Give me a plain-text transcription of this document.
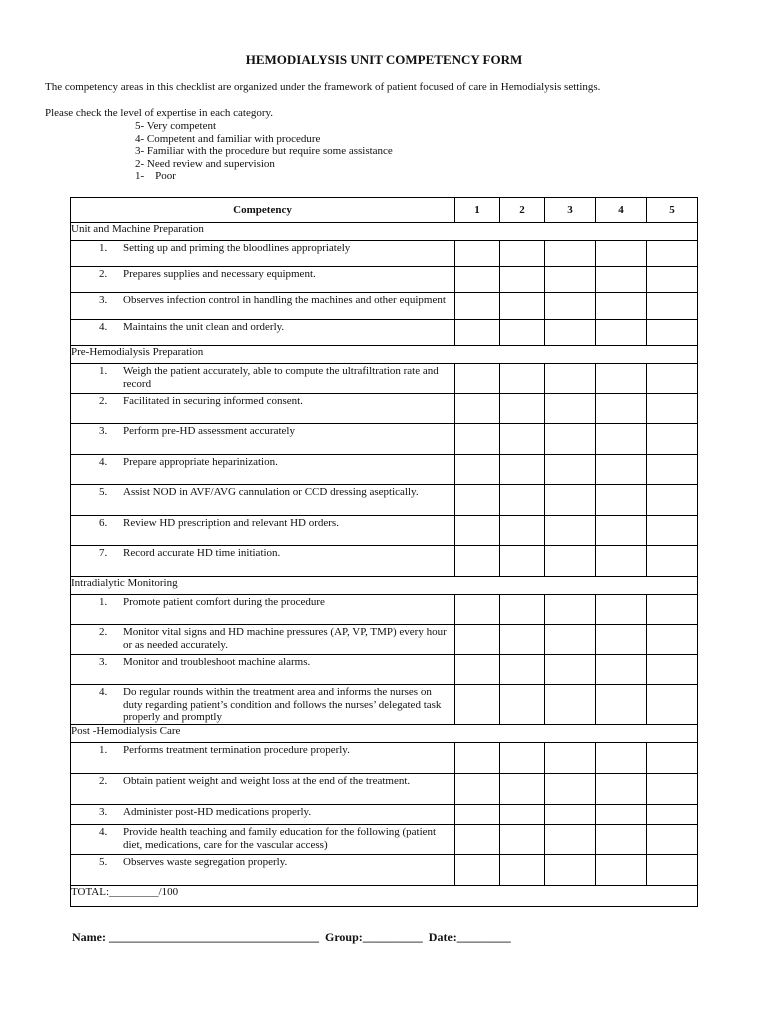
HEMODIALYSIS UNIT COMPETENCY FORM
The competency areas in this checklist are organized under the framework of patient focused of care in Hemodialysis settings.
Please check the level of expertise in each category.
5- Very competent
4- Competent and familiar with procedure
3- Familiar with the procedure but require some assistance
2- Need review and supervision
1-    Poor
Competency	1	2	3	4	5
Unit and Machine Preparation					

1. Setting up and priming the bloodlines appropriately					

2. Prepares supplies and necessary equipment.					

3. Observes infection control in handling the machines and other equipment					

4. Maintains the unit clean and orderly.					

Pre-Hemodialysis Preparation					

1. Weigh the patient accurately, able to compute the ultrafiltration rate and record					

2. Facilitated in securing informed consent.					

3. Perform pre-HD assessment accurately					

4. Prepare appropriate heparinization.					

5. Assist NOD in AVF/AVG cannulation or CCD dressing aseptically.					

6. Review HD prescription and relevant HD orders.					

7. Record accurate HD time initiation.					

Intradialytic Monitoring					

1. Promote patient comfort during the procedure					

2. Monitor vital signs and HD machine pressures (AP, VP, TMP) every hour or as needed accurately.					

3. Monitor and troubleshoot machine alarms.					

4. Do regular rounds within the treatment area and informs the nurses on duty regarding patient’s condition and follows the nurses’ delegated task properly and promptly					

Post -Hemodialysis Care					

1. Performs treatment termination procedure properly.					

2. Obtain patient weight and weight loss at the end of the treatment.					

3. Administer post-HD medications properly.					

4. Provide health teaching and family education for the following (patient diet, medications, care for the vascular access)					

5. Observes waste segregation properly.					

TOTAL:_________/100					
Name: ___________________________________ Group:__________ Date:_________
